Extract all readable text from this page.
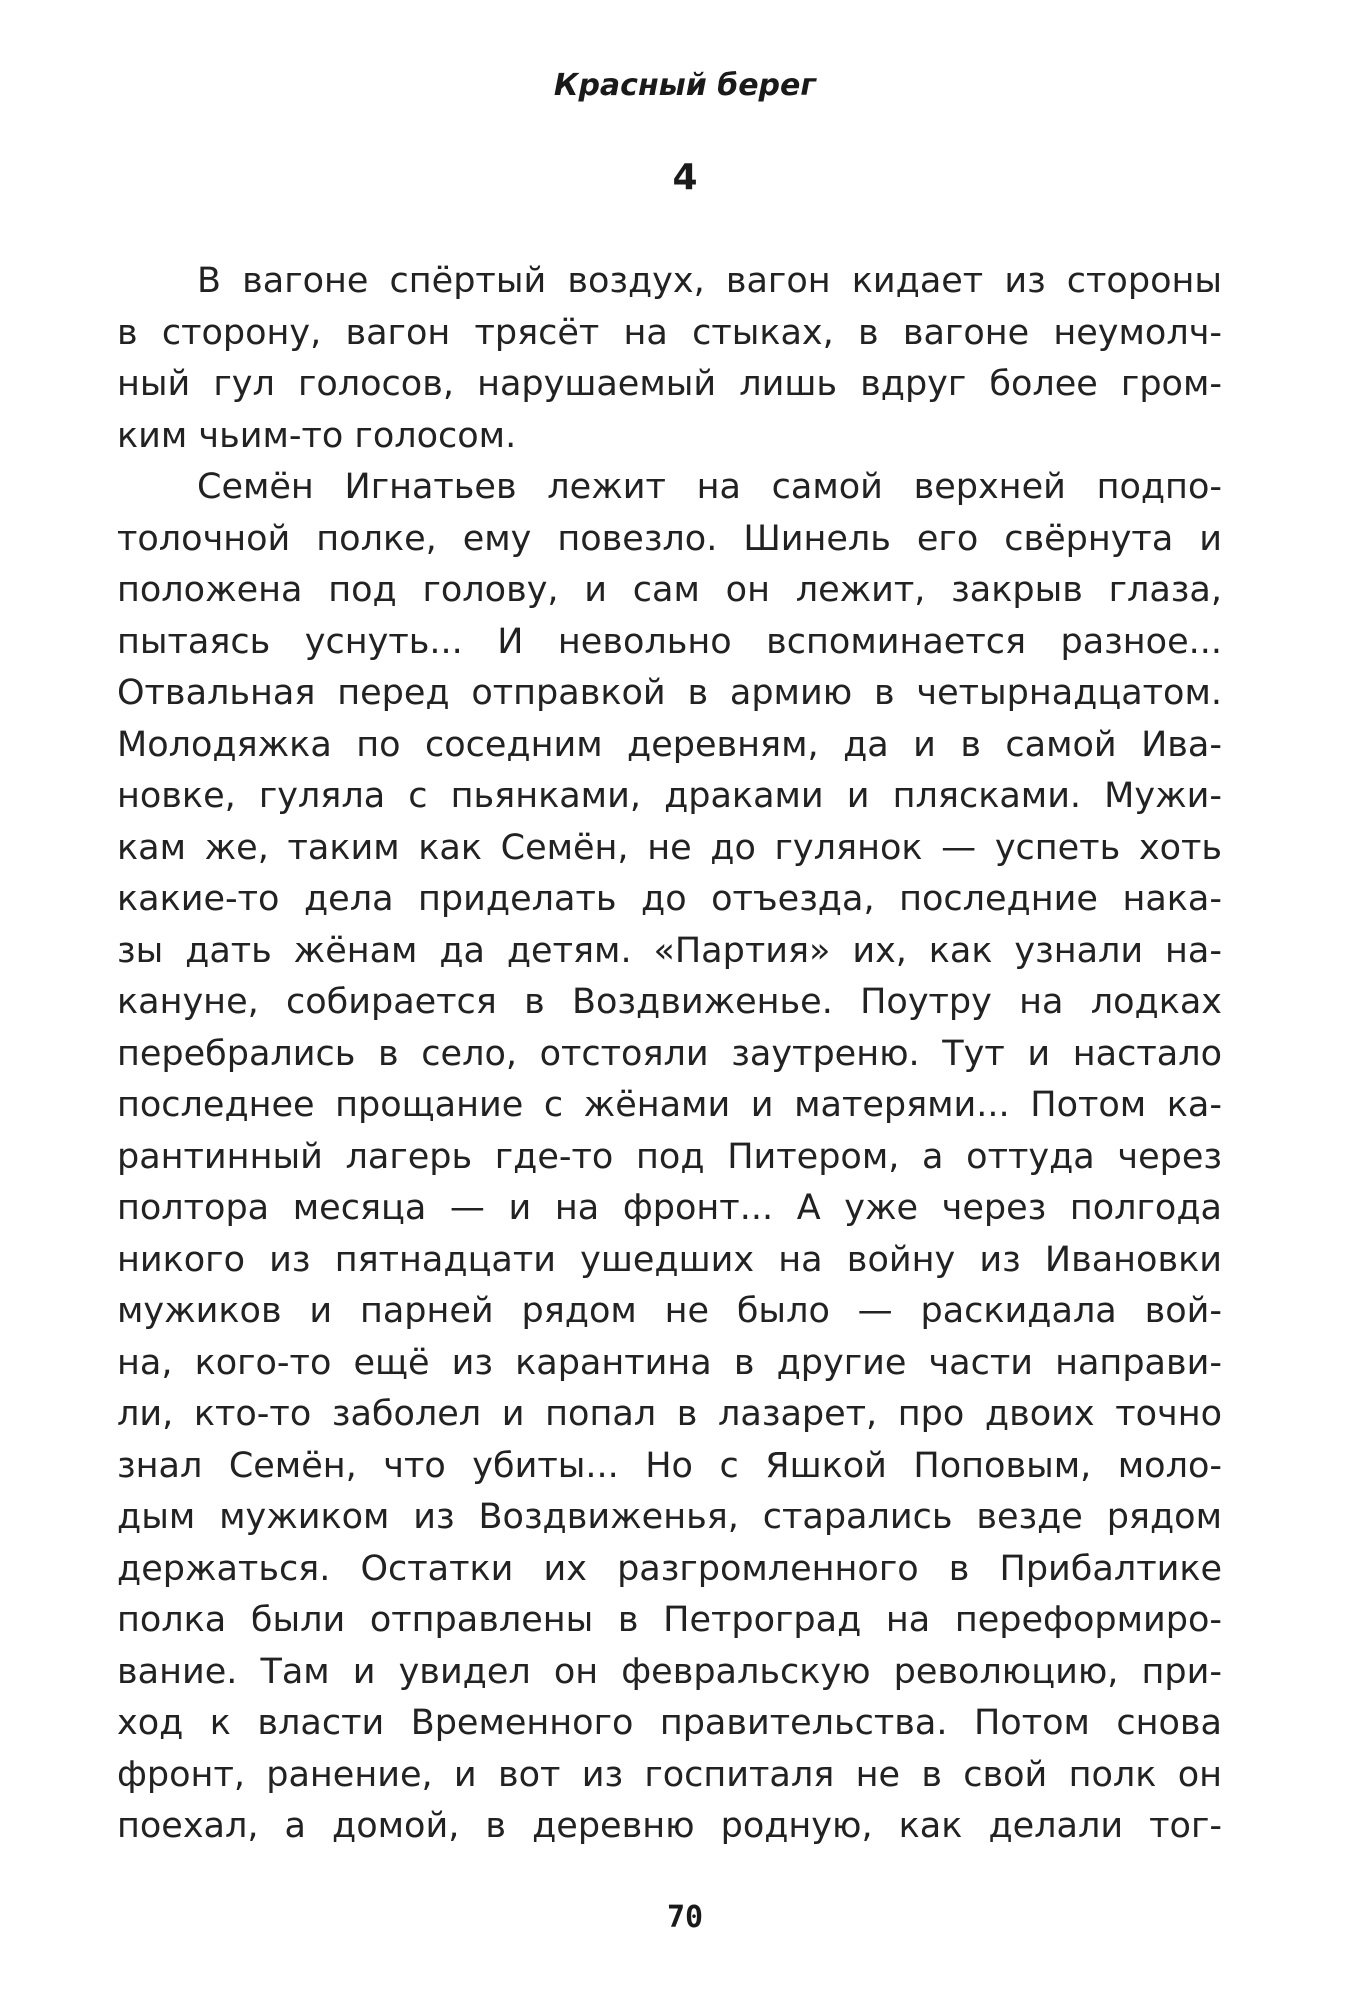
Красный берег
4
В вагоне спёртый воздух, вагон кидает из стороны
в сторону, вагон трясёт на стыках, в вагоне неумолч-
ный гул голосов, нарушаемый лишь вдруг более гром-
ким чьим-то голосом.
Семён Игнатьев лежит на самой верхней подпо-
толочной полке, ему повезло. Шинель его свёрнута и
положена под голову, и сам он лежит, закрыв глаза,
пытаясь уснуть... И невольно вспоминается разное...
Отвальная перед отправкой в армию в четырнадцатом.
Молодяжка по соседним деревням, да и в самой Ива-
новке, гуляла с пьянками, драками и плясками. Мужи-
кам же, таким как Семён, не до гулянок — успеть хоть
какие-то дела приделать до отъезда, последние нака-
зы дать жёнам да детям. «Партия» их, как узнали на-
кануне, собирается в Воздвиженье. Поутру на лодках
перебрались в село, отстояли заутреню. Тут и настало
последнее прощание с жёнами и матерями... Потом ка-
рантинный лагерь где-то под Питером, а оттуда через
полтора месяца — и на фронт... А уже через полгода
никого из пятнадцати ушедших на войну из Ивановки
мужиков и парней рядом не было — раскидала вой-
на, кого-то ещё из карантина в другие части направи-
ли, кто-то заболел и попал в лазарет, про двоих точно
знал Семён, что убиты... Но с Яшкой Поповым, моло-
дым мужиком из Воздвиженья, старались везде рядом
держаться. Остатки их разгромленного в Прибалтике
полка были отправлены в Петроград на переформиро-
вание. Там и увидел он февральскую революцию, при-
ход к власти Временного правительства. Потом снова
фронт, ранение, и вот из госпиталя не в свой полк он
поехал, а домой, в деревню родную, как делали тог-
70
